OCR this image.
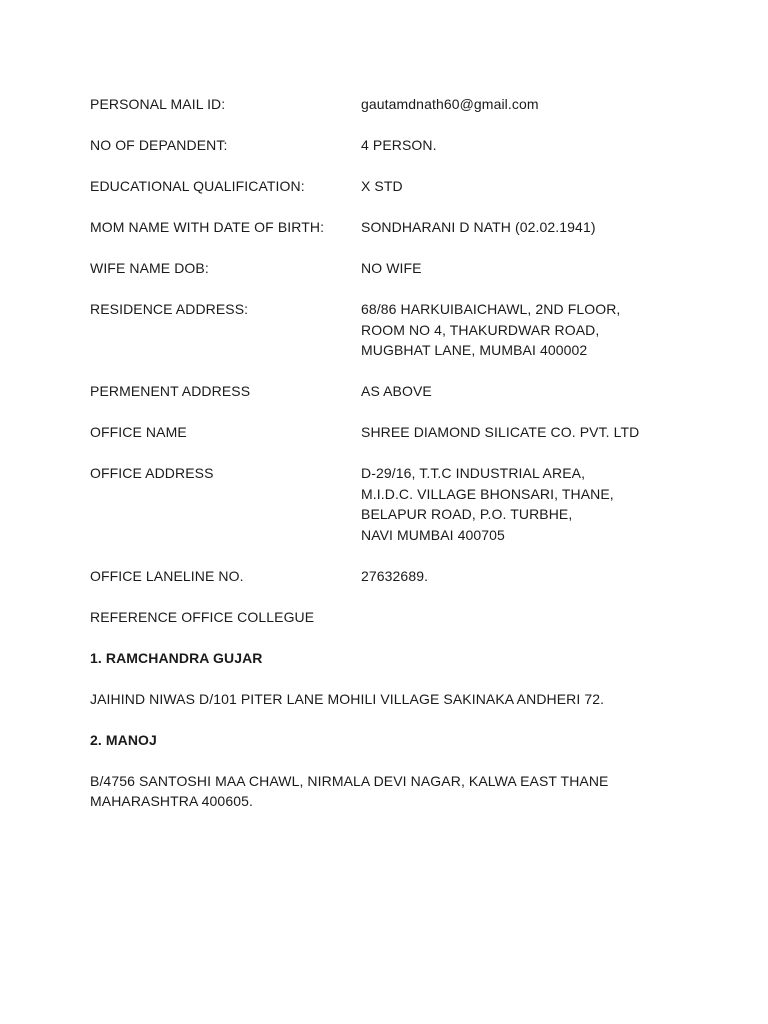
PERSONAL MAIL ID:	gautamdnath60@gmail.com
NO OF DEPANDENT:	4 PERSON.
EDUCATIONAL QUALIFICATION:	X STD
MOM NAME WITH DATE OF BIRTH:	SONDHARANI D NATH (02.02.1941)
WIFE NAME DOB:	NO WIFE
RESIDENCE ADDRESS:	68/86 HARKUIBAICHAWL, 2ND FLOOR,
ROOM NO 4, THAKURDWAR ROAD,
MUGBHAT LANE, MUMBAI 400002
PERMENENT ADDRESS	AS ABOVE
OFFICE NAME	SHREE DIAMOND SILICATE CO. PVT. LTD
OFFICE ADDRESS	D-29/16, T.T.C INDUSTRIAL AREA,
M.I.D.C. VILLAGE BHONSARI, THANE,
BELAPUR ROAD, P.O. TURBHE,
NAVI MUMBAI 400705
OFFICE LANELINE NO.	27632689.
REFERENCE OFFICE COLLEGUE
1. RAMCHANDRA GUJAR
JAIHIND NIWAS D/101 PITER LANE MOHILI VILLAGE SAKINAKA ANDHERI 72.
2. MANOJ
B/4756 SANTOSHI MAA CHAWL, NIRMALA DEVI NAGAR, KALWA EAST THANE
MAHARASHTRA 400605.
